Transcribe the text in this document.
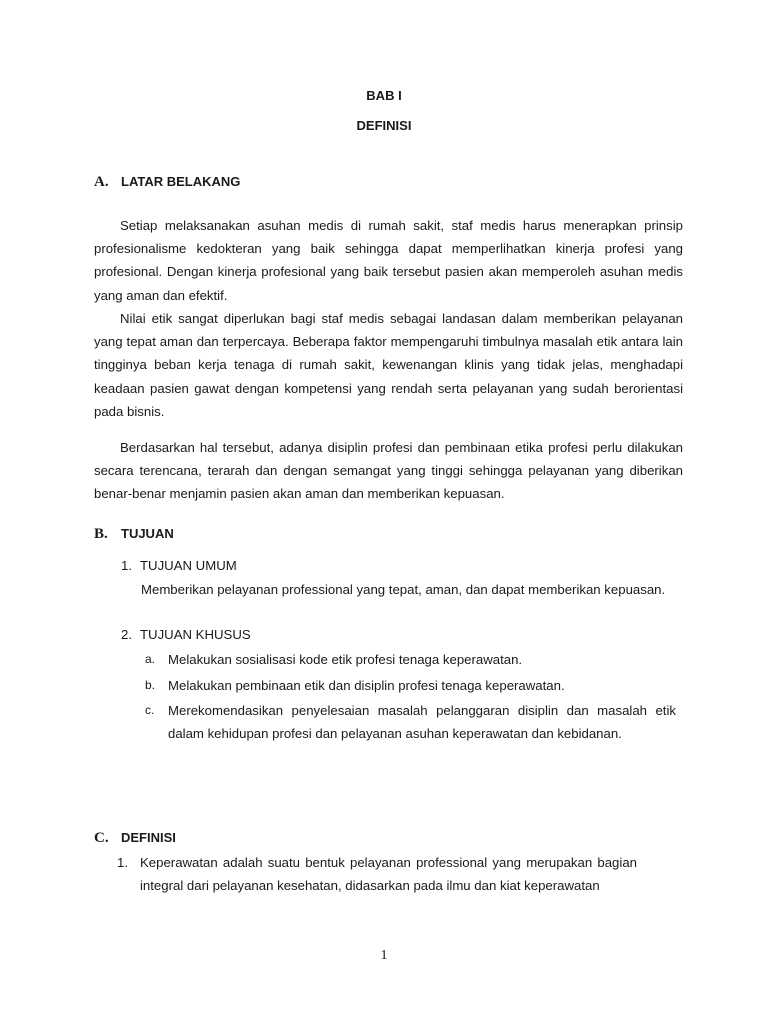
BAB I
DEFINISI
A. LATAR BELAKANG
Setiap melaksanakan asuhan medis di rumah sakit, staf medis harus menerapkan prinsip profesionalisme kedokteran yang baik sehingga dapat memperlihatkan kinerja profesi yang profesional. Dengan kinerja profesional yang baik tersebut pasien akan memperoleh asuhan medis yang aman dan efektif.
Nilai etik sangat diperlukan bagi staf medis sebagai landasan dalam memberikan pelayanan yang tepat aman dan terpercaya. Beberapa faktor mempengaruhi timbulnya masalah etik antara lain tingginya beban kerja tenaga di rumah sakit, kewenangan klinis yang tidak jelas, menghadapi keadaan pasien gawat dengan kompetensi yang rendah serta pelayanan yang sudah berorientasi pada bisnis.
Berdasarkan hal tersebut, adanya disiplin profesi dan pembinaan etika profesi perlu dilakukan secara terencana, terarah dan dengan semangat yang tinggi sehingga pelayanan yang diberikan benar-benar menjamin pasien akan aman dan memberikan kepuasan.
B. TUJUAN
1. TUJUAN UMUM
Memberikan pelayanan professional yang tepat, aman, dan dapat memberikan kepuasan.
2. TUJUAN KHUSUS
a. Melakukan sosialisasi kode etik profesi tenaga keperawatan.
b. Melakukan pembinaan etik dan disiplin profesi tenaga keperawatan.
c. Merekomendasikan penyelesaian masalah pelanggaran disiplin dan masalah etik dalam kehidupan profesi dan pelayanan asuhan keperawatan dan kebidanan.
C. DEFINISI
1. Keperawatan adalah suatu bentuk pelayanan professional yang merupakan bagian integral dari pelayanan kesehatan, didasarkan pada ilmu dan kiat keperawatan
1
